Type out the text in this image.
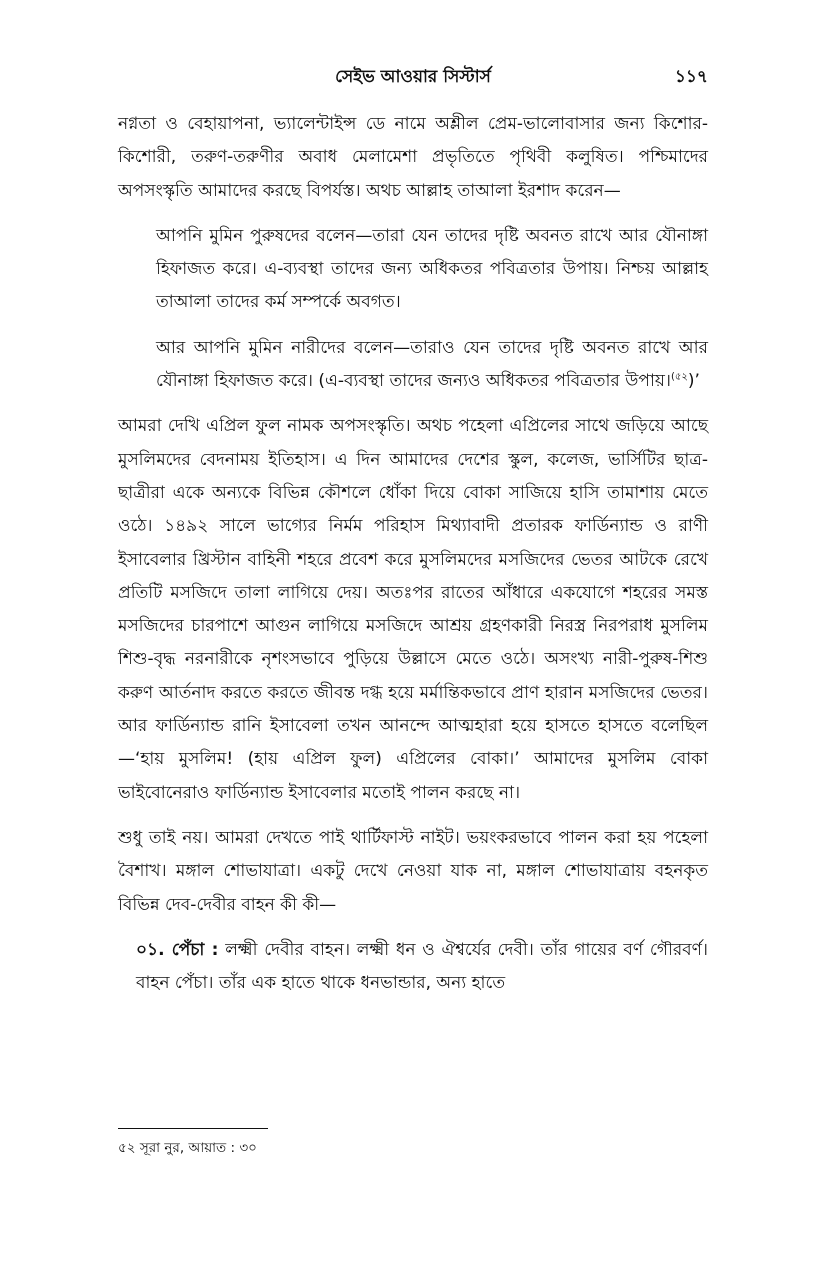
সেইভ আওয়ার সিস্টার্স	১১৭

নগ্নতা ও বেহায়াপনা, ভ্যালেন্টাইন্স ডে নামে অশ্লীল প্রেম-ভালোবাসার জন্য কিশোর-কিশোরী, তরুণ-তরুণীর অবাধ মেলামেশা প্রভৃতিতে পৃথিবী কলুষিত। পশ্চিমাদের অপসংস্কৃতি আমাদের করছে বিপর্যস্ত। অথচ আল্লাহ তাআলা ইরশাদ করেন—

আপনি মুমিন পুরুষদের বলেন—তারা যেন তাদের দৃষ্টি অবনত রাখে আর যৌনাঙ্গা হিফাজত করে। এ-ব্যবস্থা তাদের জন্য অধিকতর পবিত্রতার উপায়। নিশ্চয় আল্লাহ তাআলা তাদের কর্ম সম্পর্কে অবগত।

আর আপনি মুমিন নারীদের বলেন—তারাও যেন তাদের দৃষ্টি অবনত রাখে আর যৌনাঙ্গা হিফাজত করে। (এ-ব্যবস্থা তাদের জন্যও অধিকতর পবিত্রতার উপায়।$^{(৫২}$)’

আমরা দেখি এপ্রিল ফুল নামক অপসংস্কৃতি। অথচ পহেলা এপ্রিলের সাথে জড়িয়ে আছে মুসলিমদের বেদনাময় ইতিহাস। এ দিন আমাদের দেশের স্কুল, কলেজ, ভার্সিটির ছাত্র-ছাত্রীরা একে অন্যকে বিভিন্ন কৌশলে ধোঁকা দিয়ে বোকা সাজিয়ে হাসি তামাশায় মেতে ওঠে। ১৪৯২ সালে ভাগ্যের নির্মম পরিহাস মিথ্যাবাদী প্রতারক ফার্ডিন্যান্ড ও রাণী ইসাবেলার খ্রিস্টান বাহিনী শহরে প্রবেশ করে মুসলিমদের মসজিদের ভেতর আটকে রেখে প্রতিটি মসজিদে তালা লাগিয়ে দেয়। অতঃপর রাতের আঁধারে একযোগে শহরের সমস্ত মসজিদের চারপাশে আগুন লাগিয়ে মসজিদে আশ্রয় গ্রহণকারী নিরস্ত্র নিরপরাধ মুসলিম শিশু-বৃদ্ধ নরনারীকে নৃশংসভাবে পুড়িয়ে উল্লাসে মেতে ওঠে। অসংখ্য নারী-পুরুষ-শিশু করুণ আর্তনাদ করতে করতে জীবন্ত দগ্ধ হয়ে মর্মান্তিকভাবে প্রাণ হারান মসজিদের ভেতর। আর ফার্ডিন্যান্ড রানি ইসাবেলা তখন আনন্দে আত্মহারা হয়ে হাসতে হাসতে বলেছিল—‘হায় মুসলিম! (হায় এপ্রিল ফুল) এপ্রিলের বোকা।’ আমাদের মুসলিম বোকা ভাইবোনেরাও ফার্ডিন্যান্ড ইসাবেলার মতোই পালন করছে না।

শুধু তাই নয়। আমরা দেখতে পাই থার্টিফাস্ট নাইট। ভয়ংকরভাবে পালন করা হয় পহেলা বৈশাখ। মঙ্গাল শোভাযাত্রা। একটু দেখে নেওয়া যাক না, মঙ্গাল শোভাযাত্রায় বহনকৃত বিভিন্ন দেব-দেবীর বাহন কী কী—

০১. পেঁচা : লক্ষ্মী দেবীর বাহন। লক্ষ্মী ধন ও ঐশ্বর্যের দেবী। তাঁর গায়ের বর্ণ গৌরবর্ণ। বাহন পেঁচা। তাঁর এক হাতে থাকে ধনভান্ডার, অন্য হাতে

৫২ সূরা নুর, আয়াত : ৩০
